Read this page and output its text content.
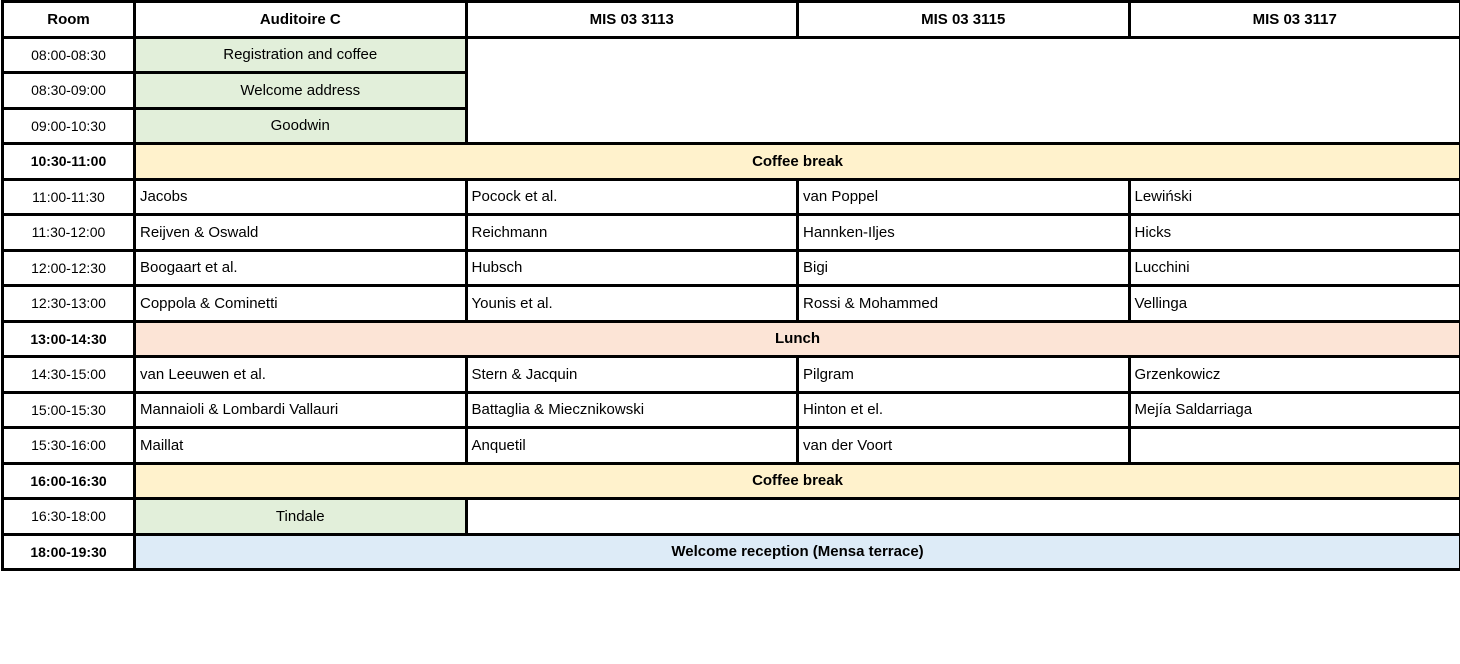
Room	Auditoire C	MIS 03 3113	MIS 03 3115	MIS 03 3117
08:00-08:30	Registration and coffee			
08:30-09:00	Welcome address			
09:00-10:30	Goodwin			
10:30-11:00	Coffee break			
11:00-11:30	Jacobs	Pocock et al.	van Poppel	Lewiński
11:30-12:00	Reijven & Oswald	Reichmann	Hannken-Iljes	Hicks
12:00-12:30	Boogaart et al.	Hubsch	Bigi	Lucchini
12:30-13:00	Coppola & Cominetti	Younis et al.	Rossi & Mohammed	Vellinga
13:00-14:30	Lunch			
14:30-15:00	van Leeuwen et al.	Stern & Jacquin	Pilgram	Grzenkowicz
15:00-15:30	Mannaioli & Lombardi Vallauri	Battaglia & Miecznikowski	Hinton et el.	Mejía Saldarriaga
15:30-16:00	Maillat	Anquetil	van der Voort	
16:00-16:30	Coffee break			
16:30-18:00	Tindale			
18:00-19:30	Welcome reception (Mensa terrace)			
